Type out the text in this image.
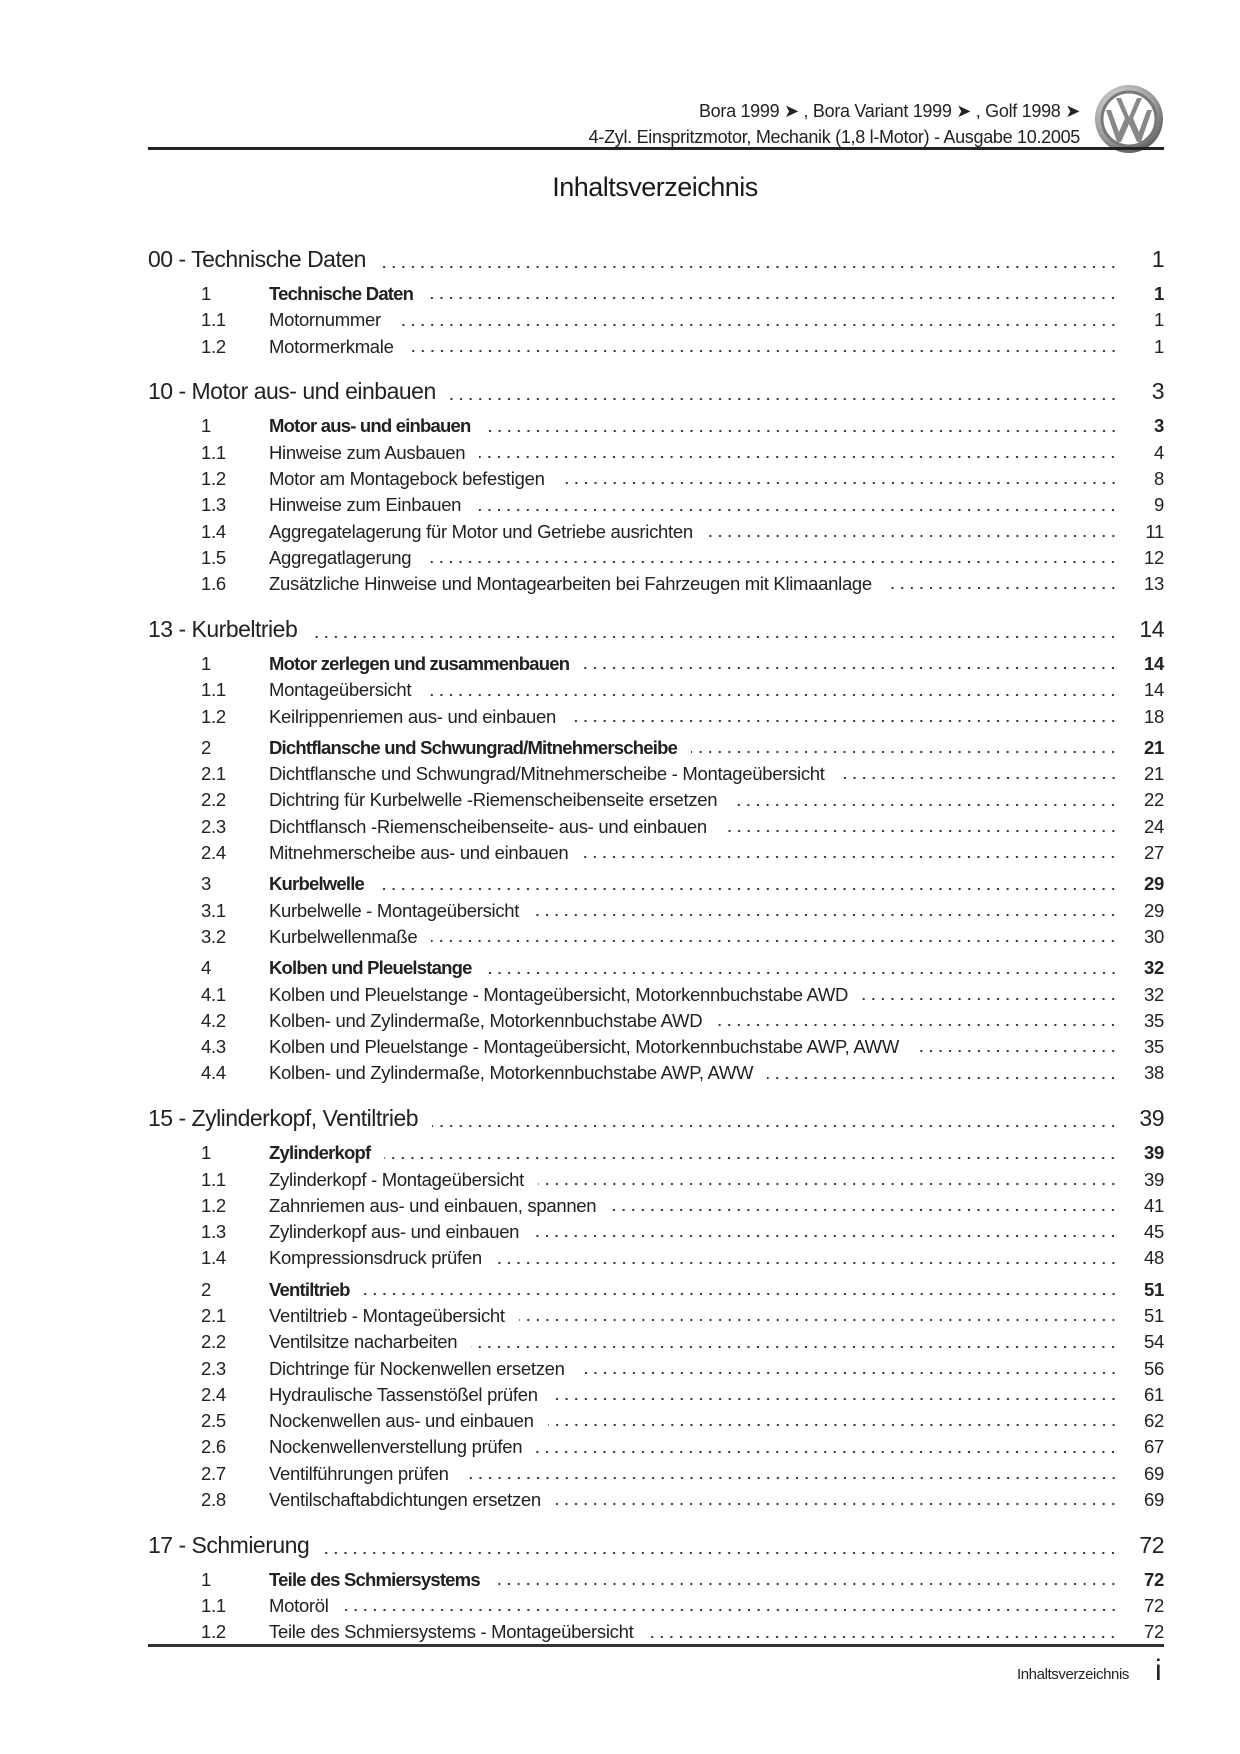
Bora 1999 ➤ , Bora Variant 1999 ➤ , Golf 1998 ➤
4-Zyl. Einspritzmotor, Mechanik (1,8 l-Motor) - Ausgabe 10.2005
Inhaltsverzeichnis
00 - Technische Daten	1
1	Technische Daten	1
1.1	Motornummer	1
1.2	Motormerkmale	1
10 - Motor aus- und einbauen	3
1	Motor aus- und einbauen	3
1.1	Hinweise zum Ausbauen	4
1.2	Motor am Montagebock befestigen	8
1.3	Hinweise zum Einbauen	9
1.4	Aggregatelagerung für Motor und Getriebe ausrichten	11
1.5	Aggregatlagerung	12
1.6	Zusätzliche Hinweise und Montagearbeiten bei Fahrzeugen mit Klimaanlage	13
13 - Kurbeltrieb	14
1	Motor zerlegen und zusammenbauen	14
1.1	Montageübersicht	14
1.2	Keilrippenriemen aus- und einbauen	18
2	Dichtflansche und Schwungrad/Mitnehmerscheibe	21
2.1	Dichtflansche und Schwungrad/Mitnehmerscheibe - Montageübersicht	21
2.2	Dichtring für Kurbelwelle -Riemenscheibenseite ersetzen	22
2.3	Dichtflansch -Riemenscheibenseite- aus- und einbauen	24
2.4	Mitnehmerscheibe aus- und einbauen	27
3	Kurbelwelle	29
3.1	Kurbelwelle - Montageübersicht	29
3.2	Kurbelwellenmaße	30
4	Kolben und Pleuelstange	32
4.1	Kolben und Pleuelstange - Montageübersicht, Motorkennbuchstabe AWD	32
4.2	Kolben- und Zylindermaße, Motorkennbuchstabe AWD	35
4.3	Kolben und Pleuelstange - Montageübersicht, Motorkennbuchstabe AWP, AWW	35
4.4	Kolben- und Zylindermaße, Motorkennbuchstabe AWP, AWW	38
15 - Zylinderkopf, Ventiltrieb	39
1	Zylinderkopf	39
1.1	Zylinderkopf - Montageübersicht	39
1.2	Zahnriemen aus- und einbauen, spannen	41
1.3	Zylinderkopf aus- und einbauen	45
1.4	Kompressionsdruck prüfen	48
2	Ventiltrieb	51
2.1	Ventiltrieb - Montageübersicht	51
2.2	Ventilsitze nacharbeiten	54
2.3	Dichtringe für Nockenwellen ersetzen	56
2.4	Hydraulische Tassenstößel prüfen	61
2.5	Nockenwellen aus- und einbauen	62
2.6	Nockenwellenverstellung prüfen	67
2.7	Ventilführungen prüfen	69
2.8	Ventilschaftabdichtungen ersetzen	69
17 - Schmierung	72
1	Teile des Schmiersystems	72
1.1	Motoröl	72
1.2	Teile des Schmiersystems - Montageübersicht	72
Inhaltsverzeichnis i
